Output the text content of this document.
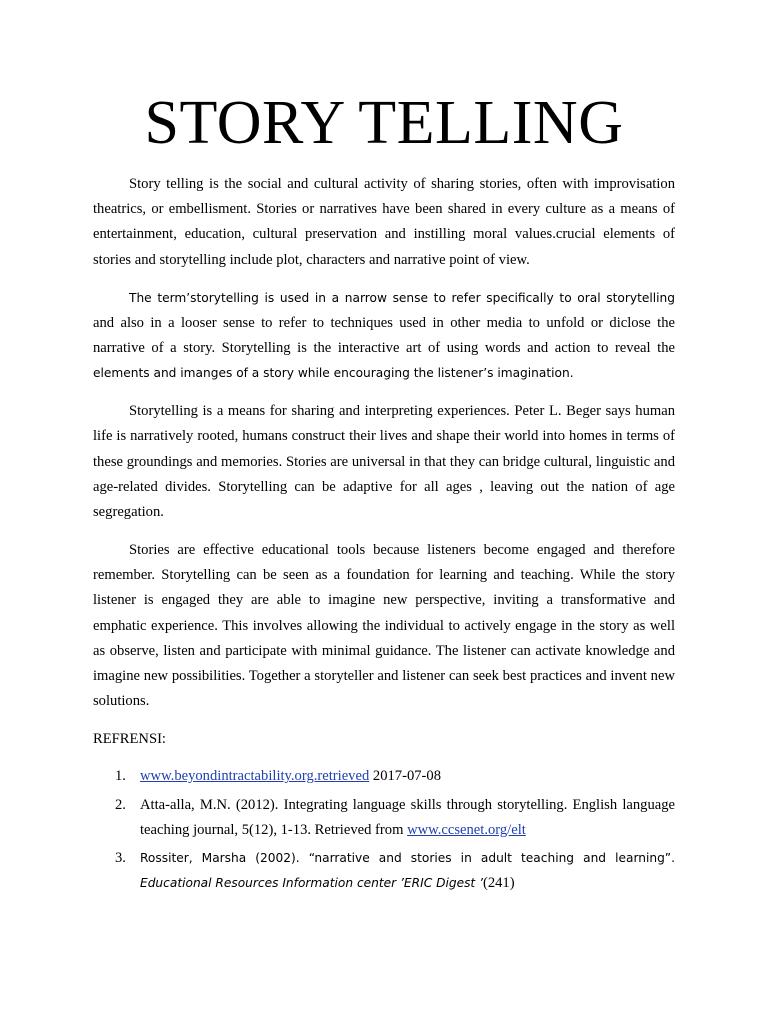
STORY TELLING

Story telling is the social and cultural activity of sharing stories, often with improvisation theatrics, or embellisment. Stories or narratives have been shared in every culture as a means of entertainment, education, cultural preservation and instilling moral values.crucial elements of stories and storytelling include plot, characters and narrative point of view.

The term’storytelling is used in a narrow sense to refer specifically to oral storytelling and also in a looser sense to refer to techniques used in other media to unfold or diclose the narrative of a story. Storytelling is the interactive art of using words and action to reveal the elements and imanges of a story while encouraging the listener’s imagination.

Storytelling is a means for sharing and interpreting experiences. Peter L. Beger says human life is narratively rooted, humans construct their lives and shape their world into homes in terms of these groundings and memories. Stories are universal in that they can bridge cultural, linguistic and age-related divides. Storytelling can be adaptive for all ages , leaving out the nation of age segregation.

Stories are effective educational tools because listeners become engaged and therefore remember. Storytelling can be seen as a foundation for learning and teaching. While the story listener is engaged they are able to imagine new perspective, inviting a transformative and emphatic experience. This involves allowing the individual to actively engage in the story as well as observe, listen and participate with minimal guidance. The listener can activate knowledge and imagine new possibilities. Together a storyteller and listener can seek best practices and invent new solutions.

REFRENSI:

1. www.beyondintractability.org.retrieved 2017-07-08
2. Atta-alla, M.N. (2012). Integrating language skills through storytelling. English language teaching journal, 5(12), 1-13. Retrieved from www.ccsenet.org/elt
3. Rossiter, Marsha (2002). “narrative and stories in adult teaching and learning”. Educational Resources Information center ’ERIC Digest ’(241)
